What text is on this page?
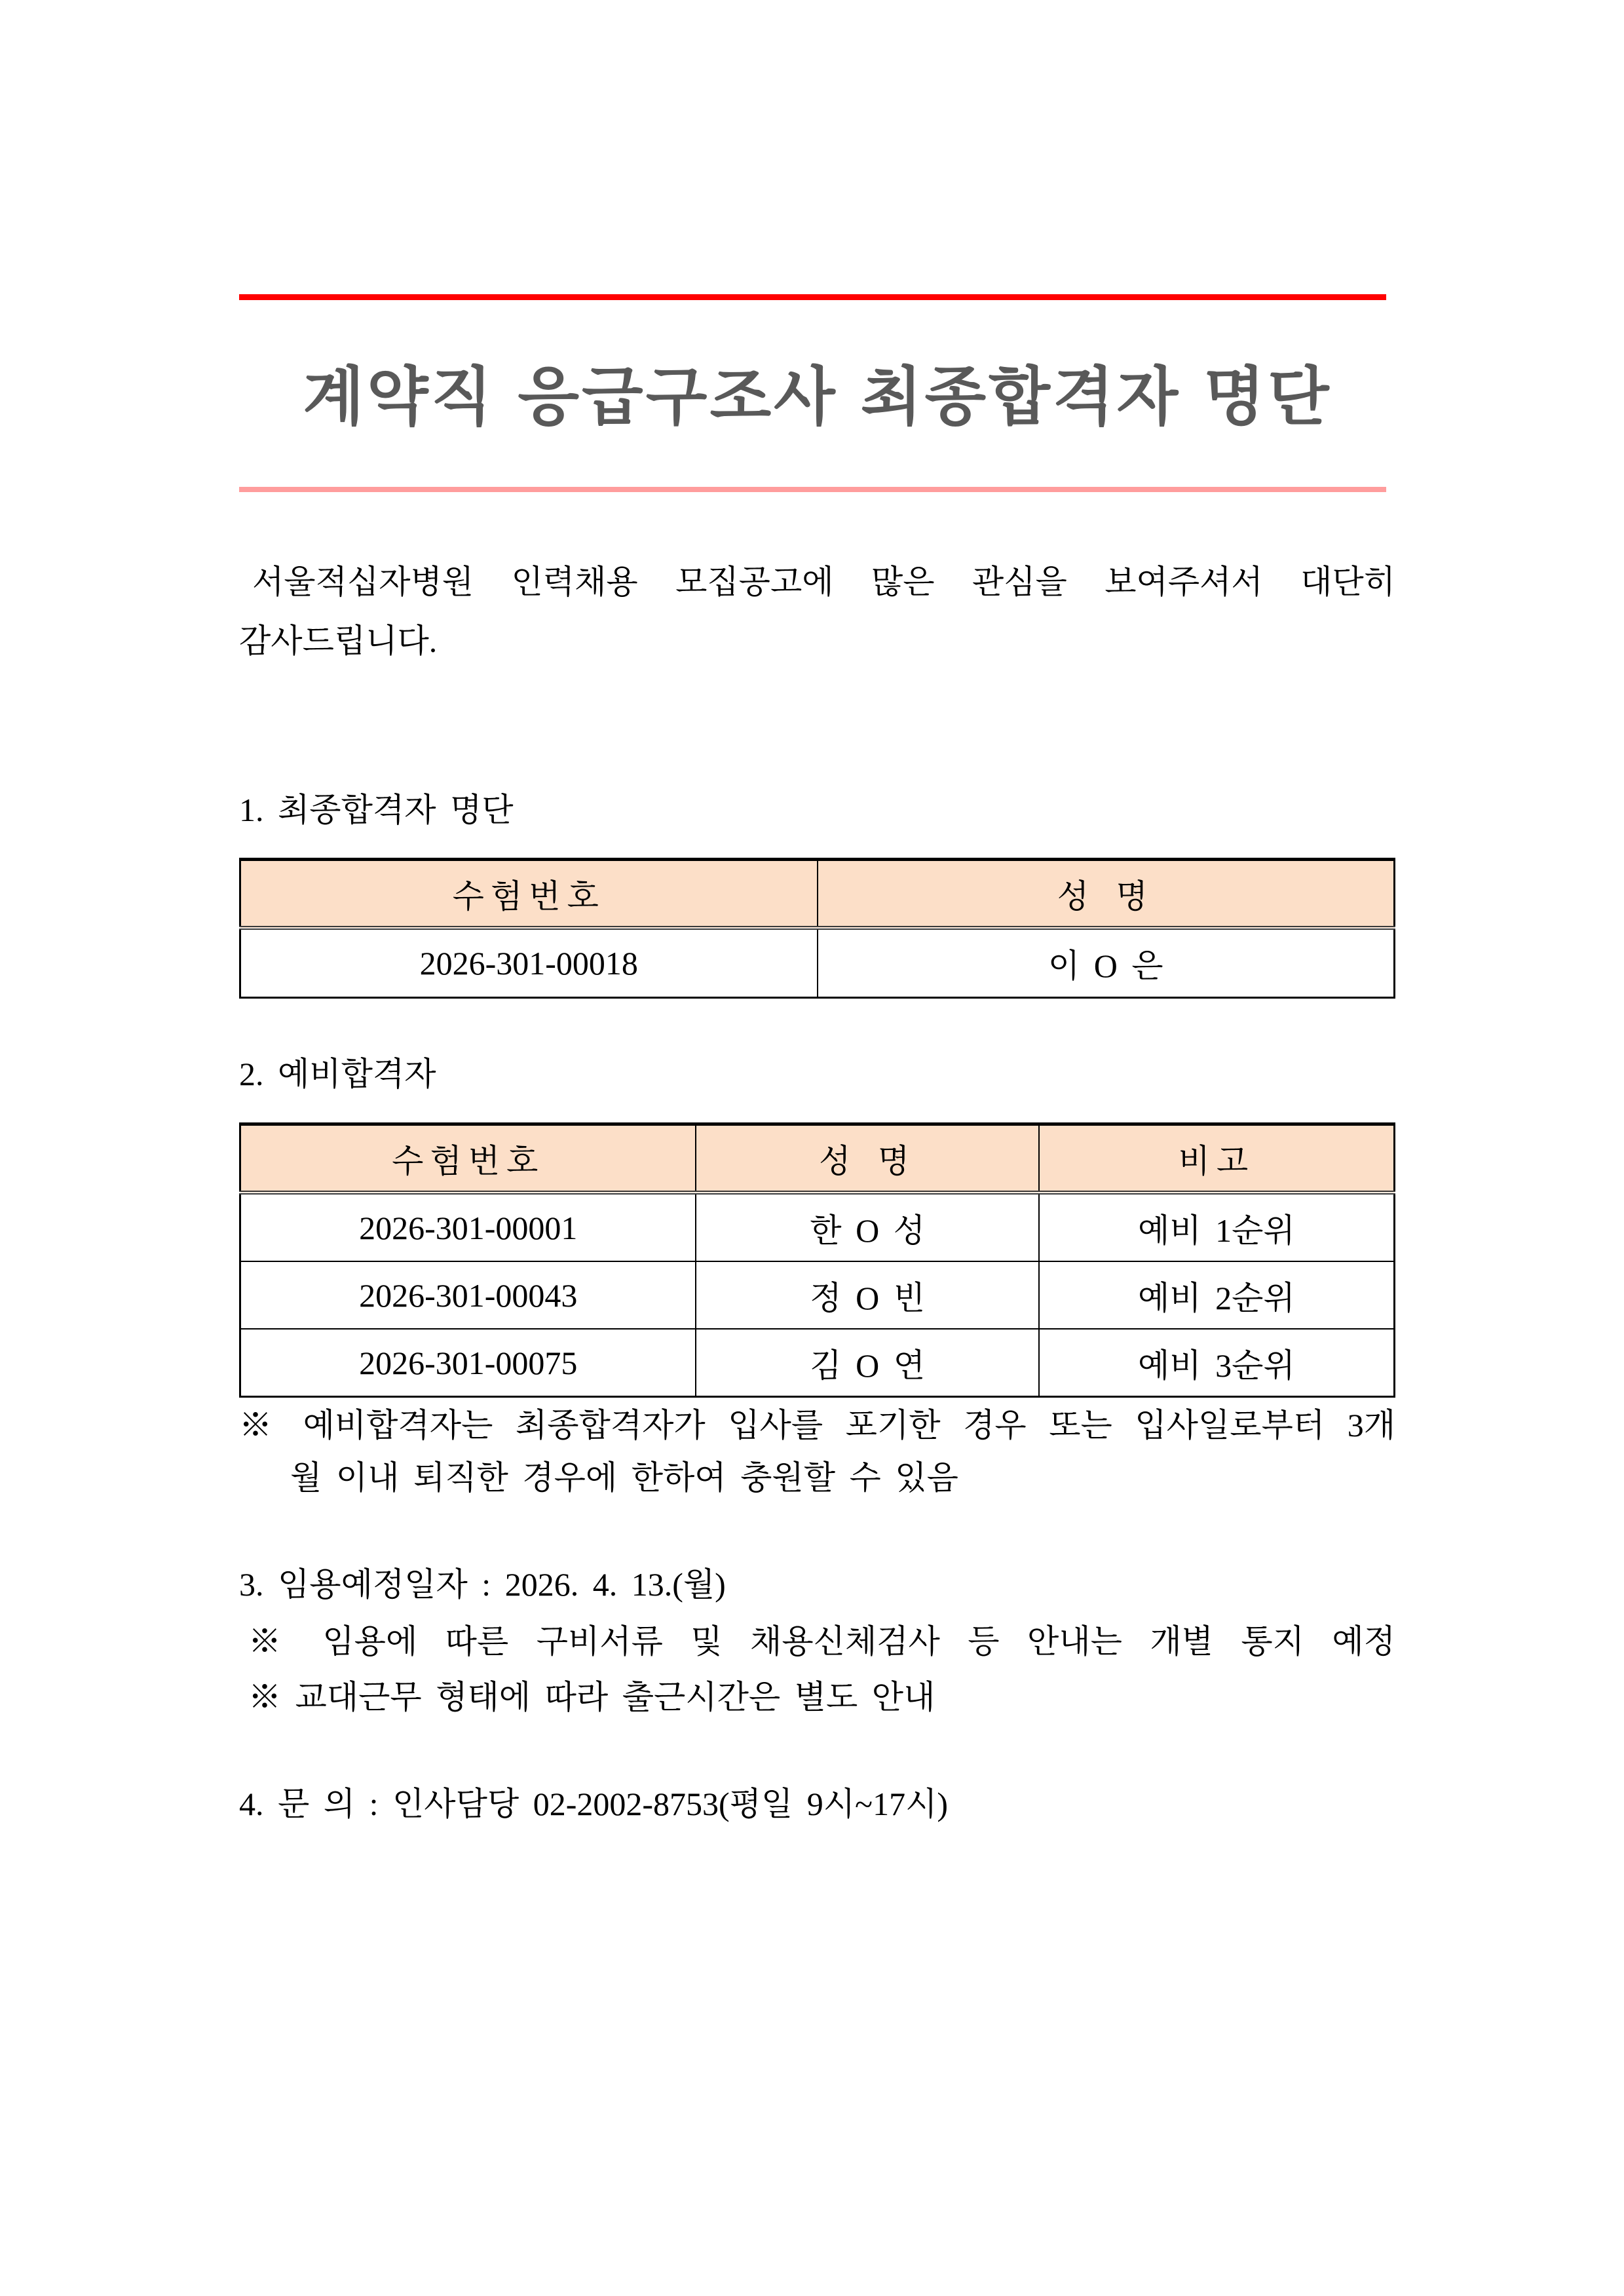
계약직 응급구조사 최종합격자 명단
서울적십자병원 인력채용 모집공고에 많은 관심을 보여주셔서 대단히
감사드립니다.
1. 최종합격자 명단
수험번호	성 명
2026-301-00018	이 O 은
2. 예비합격자
수험번호	성 명	비고
2026-301-00001	한 O 성	예비 1순위
2026-301-00043	정 O 빈	예비 2순위
2026-301-00075	김 O 연	예비 3순위
※ 예비합격자는 최종합격자가 입사를 포기한 경우 또는 입사일로부터 3개
월 이내 퇴직한 경우에 한하여 충원할 수 있음
3. 임용예정일자 : 2026. 4. 13.(월)
※ 임용에 따른 구비서류 및 채용신체검사 등 안내는 개별 통지 예정
※ 교대근무 형태에 따라 출근시간은 별도 안내
4. 문 의 : 인사담당 02-2002-8753(평일 9시~17시)
